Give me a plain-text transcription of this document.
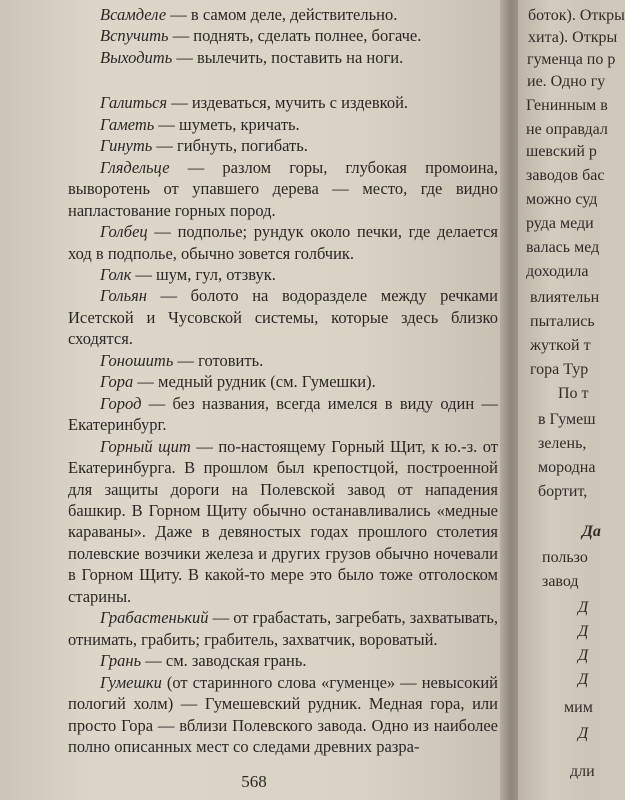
Всамделе — в самом деле, действительно.

Вспучить — поднять, сделать полнее, богаче.

Выходить — вылечить, поставить на ноги.

Галиться — издеваться, мучить с издевкой.

Гаметь — шуметь, кричать.

Гинуть — гибнуть, погибать.

Глядельце — разлом горы, глубокая промоина, выворотень от упавшего дерева — место, где видно напластование горных пород.

Голбец — подполье; рундук около печки, где делается ход в подполье, обычно зовется голбчик.

Голк — шум, гул, отзвук.

Гольян — болото на водоразделе между речками Исетской и Чусовской системы, которые здесь близко сходятся.

Гоношить — готовить.

Гора — медный рудник (см. Гумешки).

Город — без названия, всегда имелся в виду один — Екатеринбург.

Горный щит — по-настоящему Горный Щит, к ю.-з. от Екатеринбурга. В прошлом был крепостцой, построенной для защиты дороги на Полевской завод от нападения башкир. В Горном Щиту обычно останавливались «медные караваны». Даже в девяностых годах прошлого столетия полевские возчики железа и других грузов обычно ночевали в Горном Щиту. В какой-то мере это было тоже отголоском старины.

Грабастенький — от грабастать, загребать, захватывать, отнимать, грабить; грабитель, захватчик, вороватый.

Грань — см. заводская грань.

Гумешки (от старинного слова «гуменце» — невысокий пологий холм) — Гумешевский рудник. Медная гора, или просто Гора — вблизи Полевского завода. Одно из наиболее полно описанных мест со следами древних разра-

568
боток). Откры
хита). Откры
гуменца по р
ие. Одно гу
Генинным в
не оправдал
шевский р
заводов бас
можно суд
руда меди
валась мед
доходила
влиятельн
пытались
жуткой т
гора Тур
По т
в Гумеш
зелень,
мородна
бортит,
Да
пользо
завод
Д
Д
Д
Д
мим
Д
дли
